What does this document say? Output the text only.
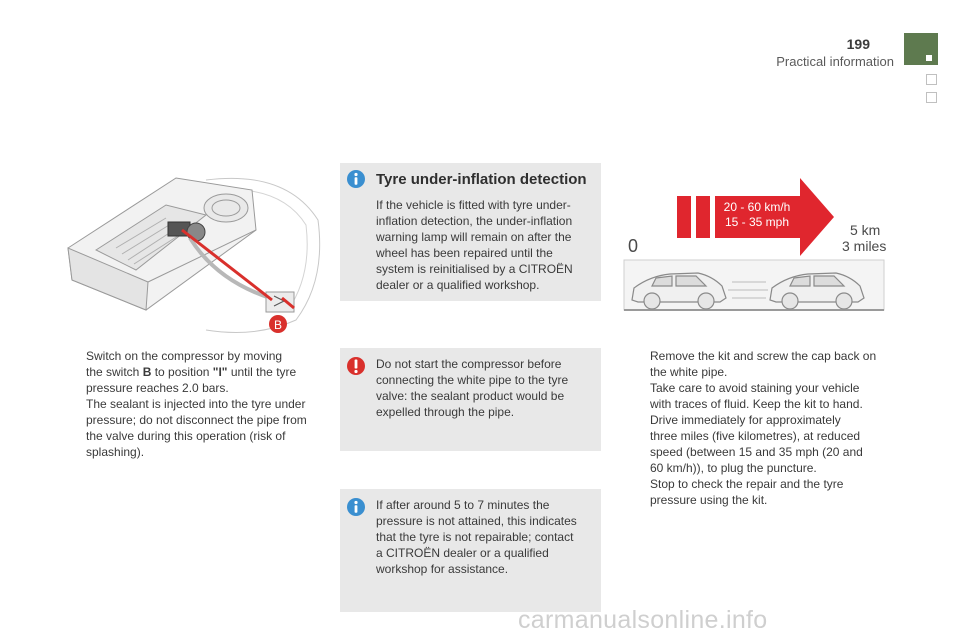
199
Practical information
B
Switch on the compressor by moving
the switch B to position "I" until the tyre
pressure reaches 2.0 bars.
The sealant is injected into the tyre under
pressure; do not disconnect the pipe from
the valve during this operation (risk of
splashing).
Tyre under-inflation detection
If the vehicle is fitted with tyre under-
inflation detection, the under-inflation
warning lamp will remain on after the
wheel has been repaired until the
system is reinitialised by a CITROËN
dealer or a qualified workshop.
Do not start the compressor before
connecting the white pipe to the tyre
valve: the sealant product would be
expelled through the pipe.
If after around 5 to 7 minutes the
pressure is not attained, this indicates
that the tyre is not repairable; contact
a CITROËN dealer or a qualified
workshop for assistance.
0
20 - 60 km/h
15 - 35 mph	5 km
3 miles
Remove the kit and screw the cap back on
the white pipe.
Take care to avoid staining your vehicle
with traces of fluid. Keep the kit to hand.
Drive immediately for approximately
three miles (five kilometres), at reduced
speed (between 15 and 35 mph (20 and
60 km/h)), to plug the puncture.
Stop to check the repair and the tyre
pressure using the kit.
carmanualsonline.info
